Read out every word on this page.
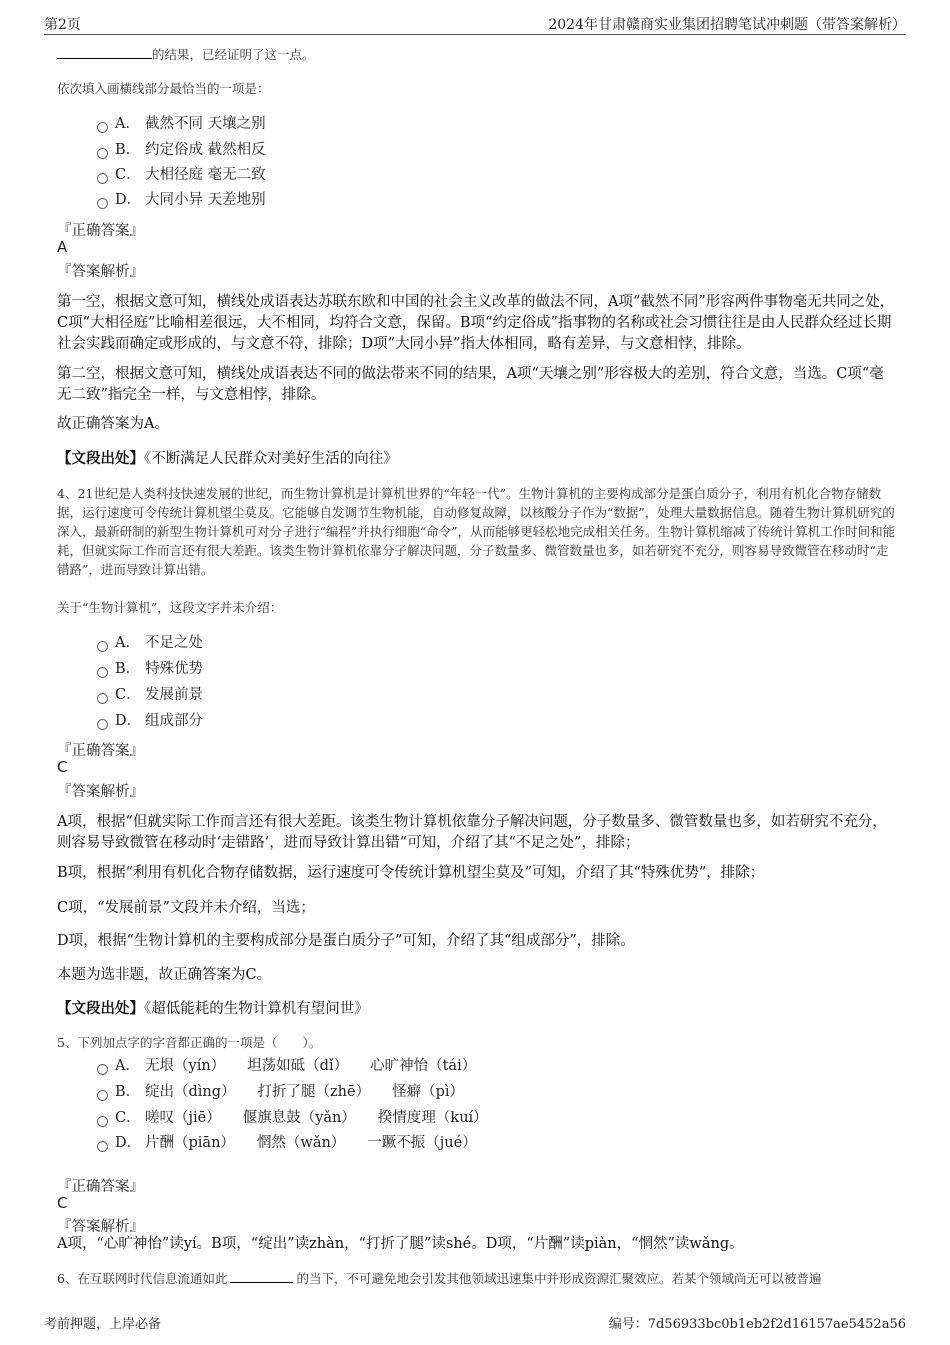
第2页	2024年甘肃赣商实业集团招聘笔试冲刺题（带答案解析）
的结果，已经证明了这一点。
依次填入画横线部分最恰当的一项是：
A． 截然不同 天壤之别
B． 约定俗成 截然相反
C． 大相径庭 毫无二致
D． 大同小异 天差地别
『正确答案』
A
『答案解析』
第一空，根据文意可知，横线处成语表达苏联东欧和中国的社会主义改革的做法不同，A项“截然不同”形容两件事物毫无共同之处，C项“大相径庭”比喻相差很远，大不相同，均符合文意，保留。B项“约定俗成”指事物的名称或社会习惯往往是由人民群众经过长期社会实践而确定或形成的，与文意不符，排除；D项“大同小异”指大体相同，略有差异，与文意相悖，排除。
第二空，根据文意可知，横线处成语表达不同的做法带来不同的结果，A项“天壤之别”形容极大的差别，符合文意，当选。C项“毫无二致”指完全一样，与文意相悖，排除。
故正确答案为A。
【文段出处】《不断满足人民群众对美好生活的向往》
4、21世纪是人类科技快速发展的世纪，而生物计算机是计算机世界的“年轻一代”。生物计算机的主要构成部分是蛋白质分子，利用有机化合物存储数据，运行速度可令传统计算机望尘莫及。它能够自发调节生物机能，自动修复故障，以核酸分子作为“数据”，处理大量数据信息。随着生物计算机研究的深入，最新研制的新型生物计算机可对分子进行“编程”并执行细胞“命令”，从而能够更轻松地完成相关任务。生物计算机缩减了传统计算机工作时间和能耗，但就实际工作而言还有很大差距。该类生物计算机依靠分子解决问题，分子数量多、微管数量也多，如若研究不充分，则容易导致微管在移动时“走错路”，进而导致计算出错。
关于“生物计算机”，这段文字并未介绍：
A． 不足之处
B． 特殊优势
C． 发展前景
D． 组成部分
『正确答案』
C
『答案解析』
A项，根据“但就实际工作而言还有很大差距。该类生物计算机依靠分子解决问题，分子数量多、微管数量也多，如若研究不充分，则容易导致微管在移动时‘走错路’，进而导致计算出错”可知，介绍了其“不足之处”，排除；
B项，根据“利用有机化合物存储数据，运行速度可令传统计算机望尘莫及”可知，介绍了其“特殊优势”，排除；
C项，“发展前景”文段并未介绍，当选；
D项，根据“生物计算机的主要构成部分是蛋白质分子”可知，介绍了其“组成部分”，排除。
本题为选非题，故正确答案为C。
【文段出处】《超低能耗的生物计算机有望问世》
5、下列加点字的字音都正确的一项是（　　）。
A． 无垠（yín） 坦荡如砥（dǐ） 心旷神怡（tái）
B． 绽出（dìng） 打折了腿（zhē） 怪癖（pì）
C． 嗟叹（jiē） 偃旗息鼓（yǎn） 揆情度理（kuí）
D． 片酬（piān） 惘然（wǎn） 一蹶不振（jué）
『正确答案』
C
『答案解析』
A项，“心旷神怡”读yí。B项，“绽出”读zhàn，“打折了腿”读shé。D项，“片酬”读piàn，“惘然”读wǎng。
6、在互联网时代信息流通如此	的当下，不可避免地会引发其他领域迅速集中并形成资源汇聚效应。若某个领域尚无可以被普遍
考前押题，上岸必备	编号：7d56933bc0b1eb2f2d16157ae5452a56
